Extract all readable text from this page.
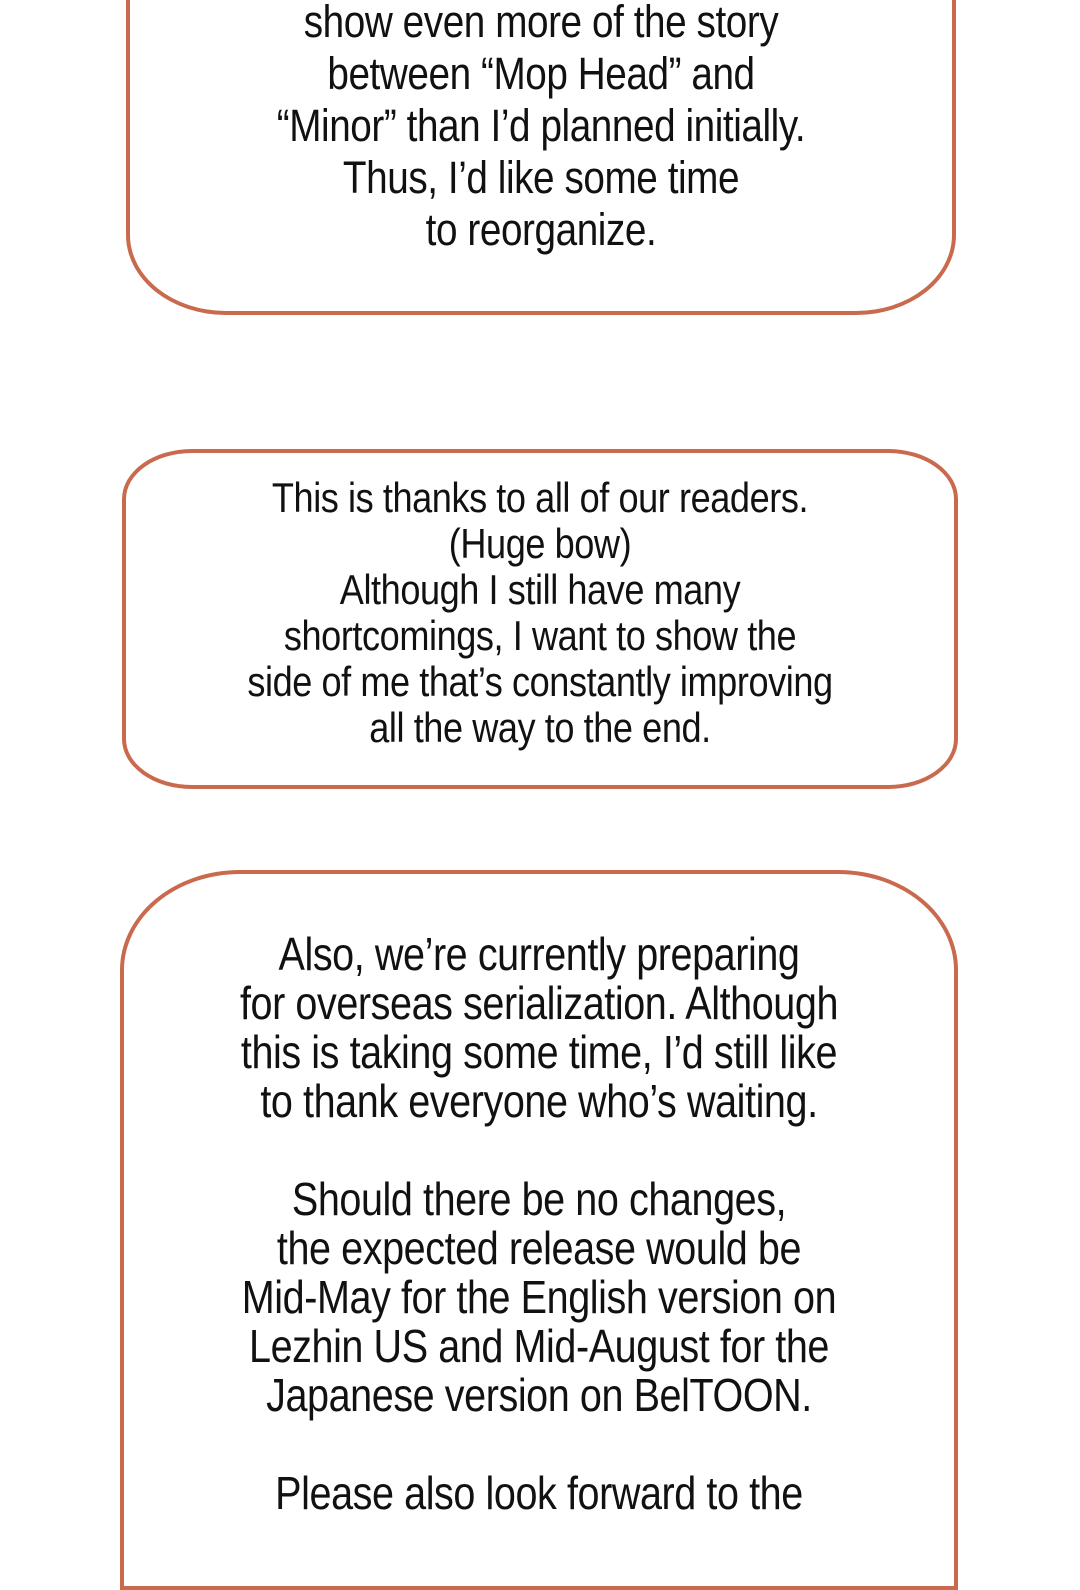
show even more of the story
between “Mop Head” and
“Minor” than I’d planned initially.
Thus, I’d like some time
to reorganize.

This is thanks to all of our readers.
(Huge bow)
Although I still have many
shortcomings, I want to show the
side of me that’s constantly improving
all the way to the end.

Also, we’re currently preparing
for overseas serialization. Although
this is taking some time, I’d still like
to thank everyone who’s waiting.

Should there be no changes,
the expected release would be
Mid-May for the English version on
Lezhin US and Mid-August for the
Japanese version on BelTOON.

Please also look forward to the
